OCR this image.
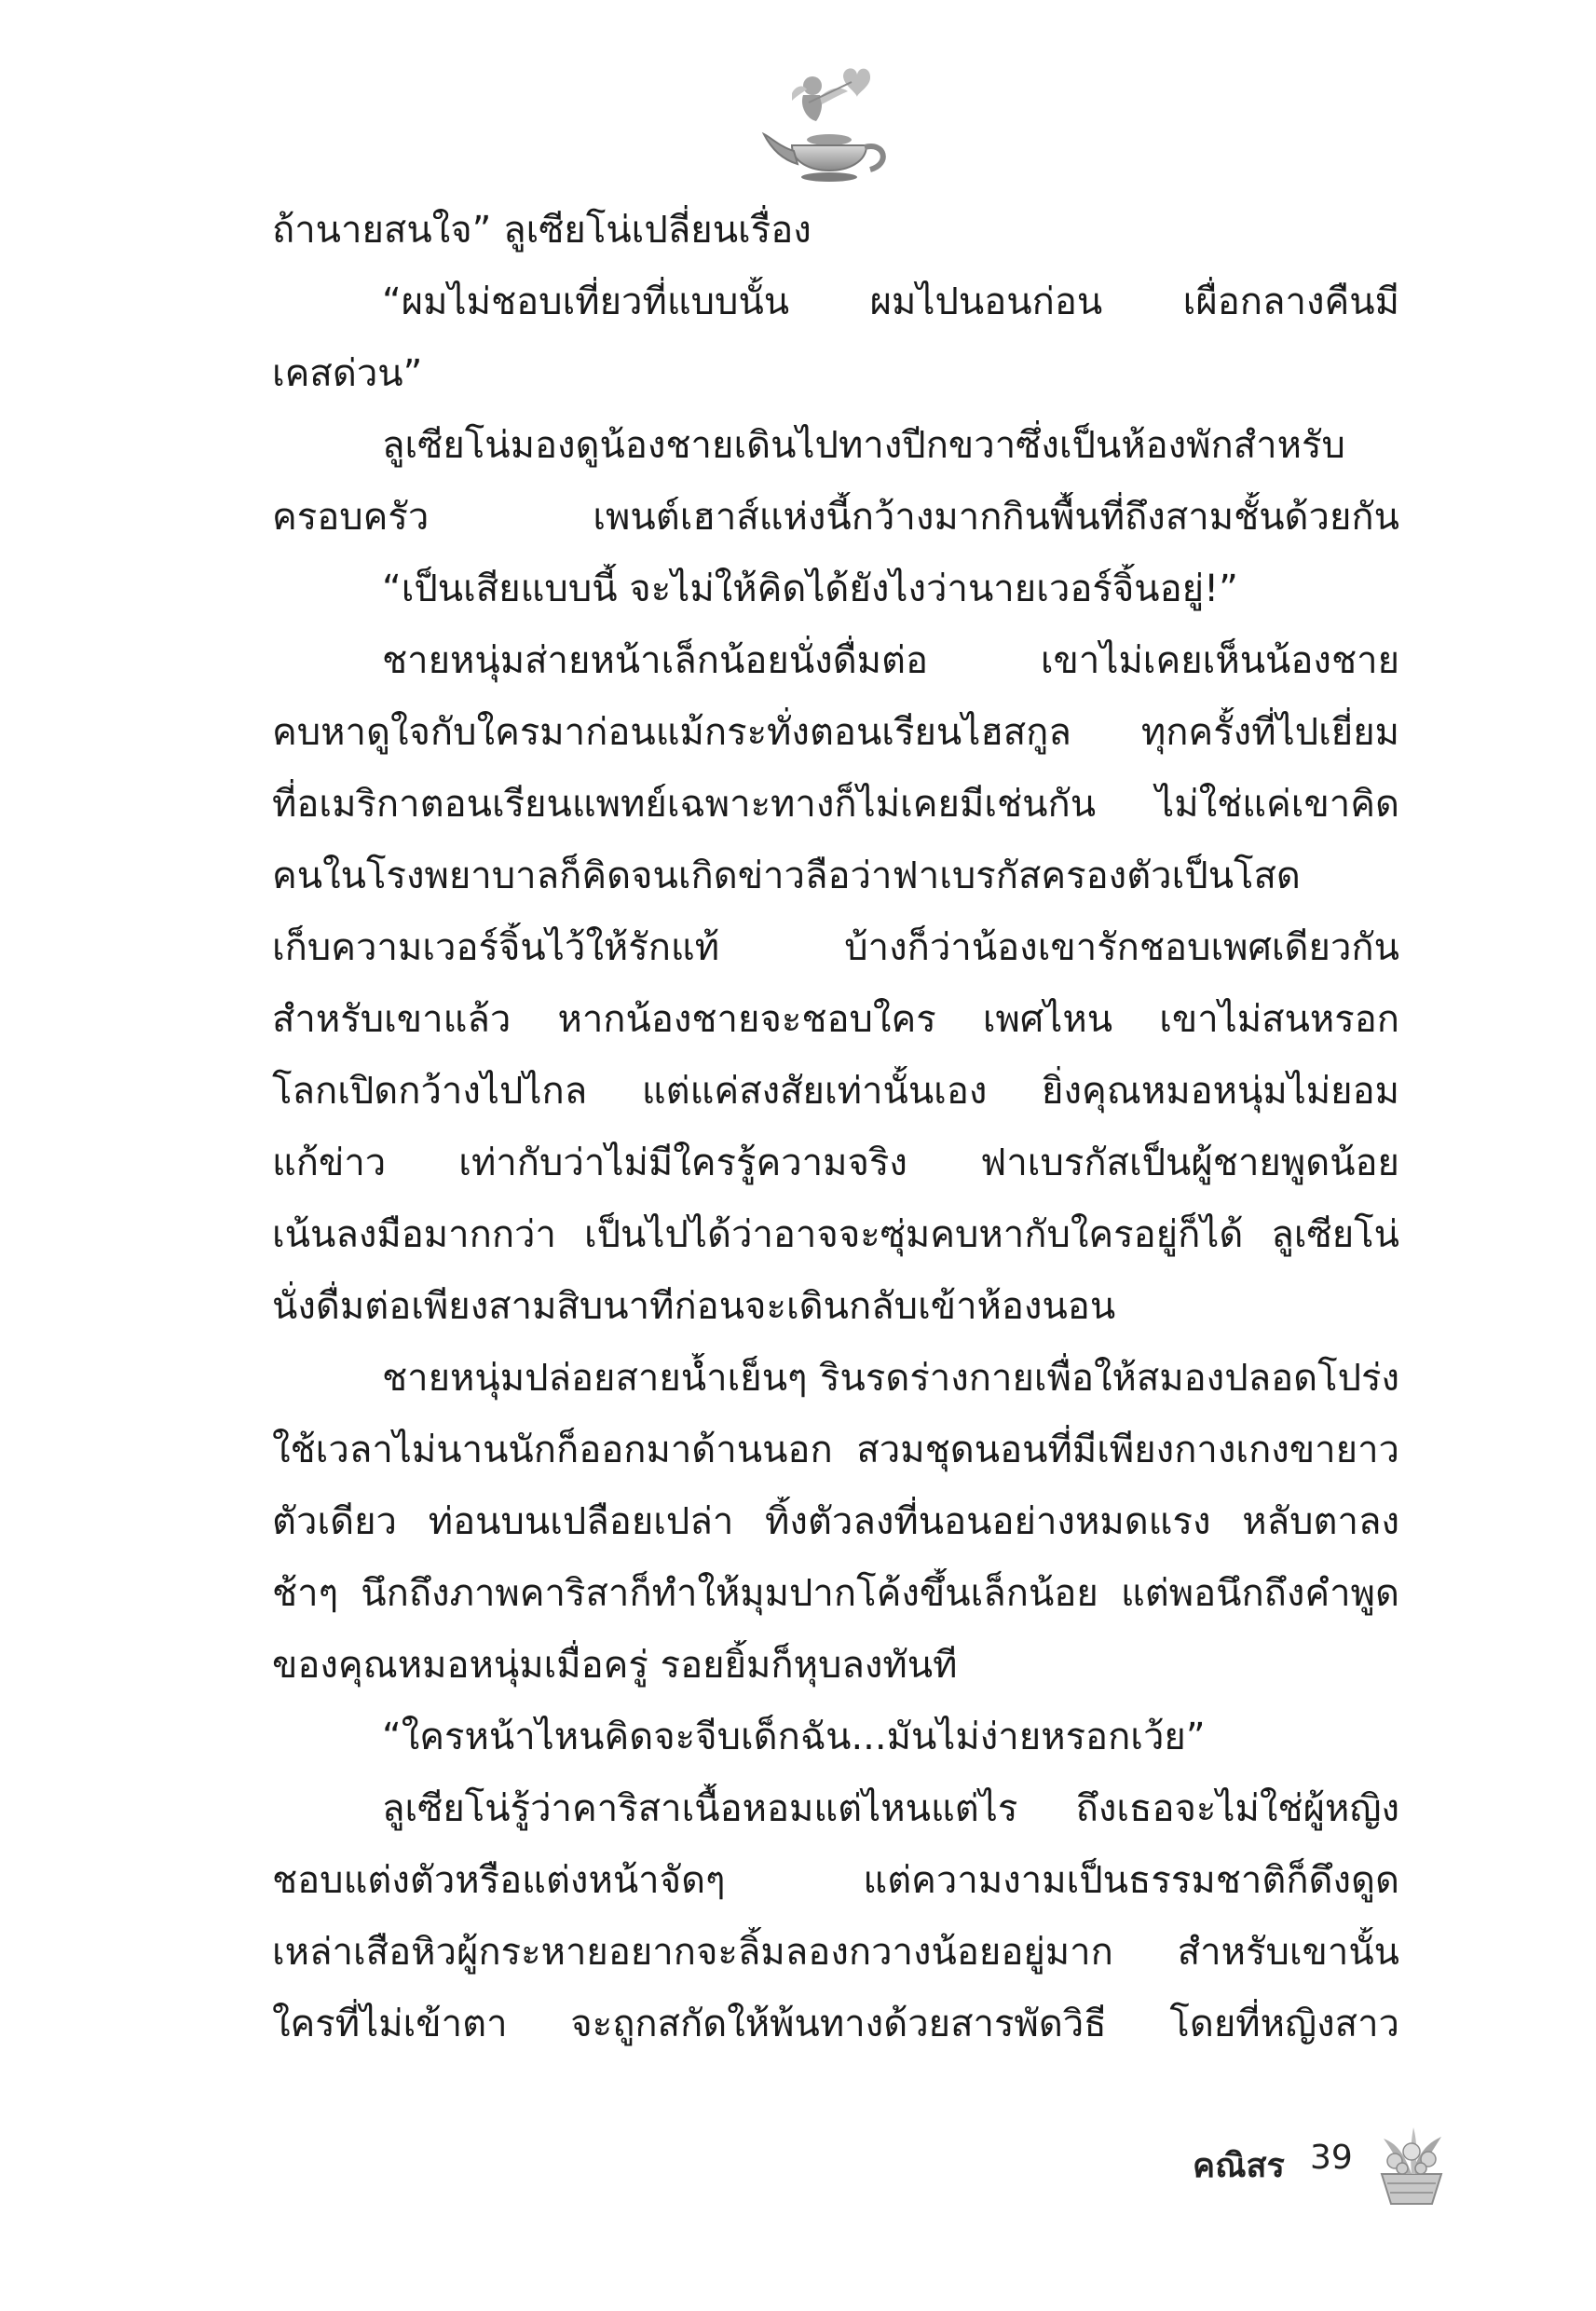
ถ้านายสนใจ” ลูเซียโน่เปลี่ยนเรื่อง
“ผมไม่ชอบเที่ยวที่แบบนั้น ผมไปนอนก่อน เผื่อกลางคืนมี
เคสด่วน”
ลูเซียโน่มองดูน้องชายเดินไปทางปีกขวาซึ่งเป็นห้องพักสำหรับ
ครอบครัว เพนต์เฮาส์แห่งนี้กว้างมากกินพื้นที่ถึงสามชั้นด้วยกัน
“เป็นเสียแบบนี้ จะไม่ให้คิดได้ยังไงว่านายเวอร์จิ้นอยู่!”
ชายหนุ่มส่ายหน้าเล็กน้อยนั่งดื่มต่อ เขาไม่เคยเห็นน้องชาย
คบหาดูใจกับใครมาก่อนแม้กระทั่งตอนเรียนไฮสกูล ทุกครั้งที่ไปเยี่ยม
ที่อเมริกาตอนเรียนแพทย์เฉพาะทางก็ไม่เคยมีเช่นกัน ไม่ใช่แค่เขาคิด
คนในโรงพยาบาลก็คิดจนเกิดข่าวลือว่าฟาเบรกัสครองตัวเป็นโสด
เก็บความเวอร์จิ้นไว้ให้รักแท้ บ้างก็ว่าน้องเขารักชอบเพศเดียวกัน
สำหรับเขาแล้ว หากน้องชายจะชอบใคร เพศไหน เขาไม่สนหรอก
โลกเปิดกว้างไปไกล แต่แค่สงสัยเท่านั้นเอง ยิ่งคุณหมอหนุ่มไม่ยอม
แก้ข่าว เท่ากับว่าไม่มีใครรู้ความจริง ฟาเบรกัสเป็นผู้ชายพูดน้อย
เน้นลงมือมากกว่า เป็นไปได้ว่าอาจจะซุ่มคบหากับใครอยู่ก็ได้ ลูเซียโน่
นั่งดื่มต่อเพียงสามสิบนาทีก่อนจะเดินกลับเข้าห้องนอน
ชายหนุ่มปล่อยสายน้ำเย็นๆ รินรดร่างกายเพื่อให้สมองปลอดโปร่ง
ใช้เวลาไม่นานนักก็ออกมาด้านนอก สวมชุดนอนที่มีเพียงกางเกงขายาว
ตัวเดียว ท่อนบนเปลือยเปล่า ทิ้งตัวลงที่นอนอย่างหมดแรง หลับตาลง
ช้าๆ นึกถึงภาพคาริสาก็ทำให้มุมปากโค้งขึ้นเล็กน้อย แต่พอนึกถึงคำพูด
ของคุณหมอหนุ่มเมื่อครู่ รอยยิ้มก็หุบลงทันที
“ใครหน้าไหนคิดจะจีบเด็กฉัน...มันไม่ง่ายหรอกเว้ย”
ลูเซียโน่รู้ว่าคาริสาเนื้อหอมแต่ไหนแต่ไร ถึงเธอจะไม่ใช่ผู้หญิง
ชอบแต่งตัวหรือแต่งหน้าจัดๆ แต่ความงามเป็นธรรมชาติก็ดึงดูด
เหล่าเสือหิวผู้กระหายอยากจะลิ้มลองกวางน้อยอยู่มาก สำหรับเขานั้น
ใครที่ไม่เข้าตา จะถูกสกัดให้พ้นทางด้วยสารพัดวิธี โดยที่หญิงสาว
คณิสร 39
